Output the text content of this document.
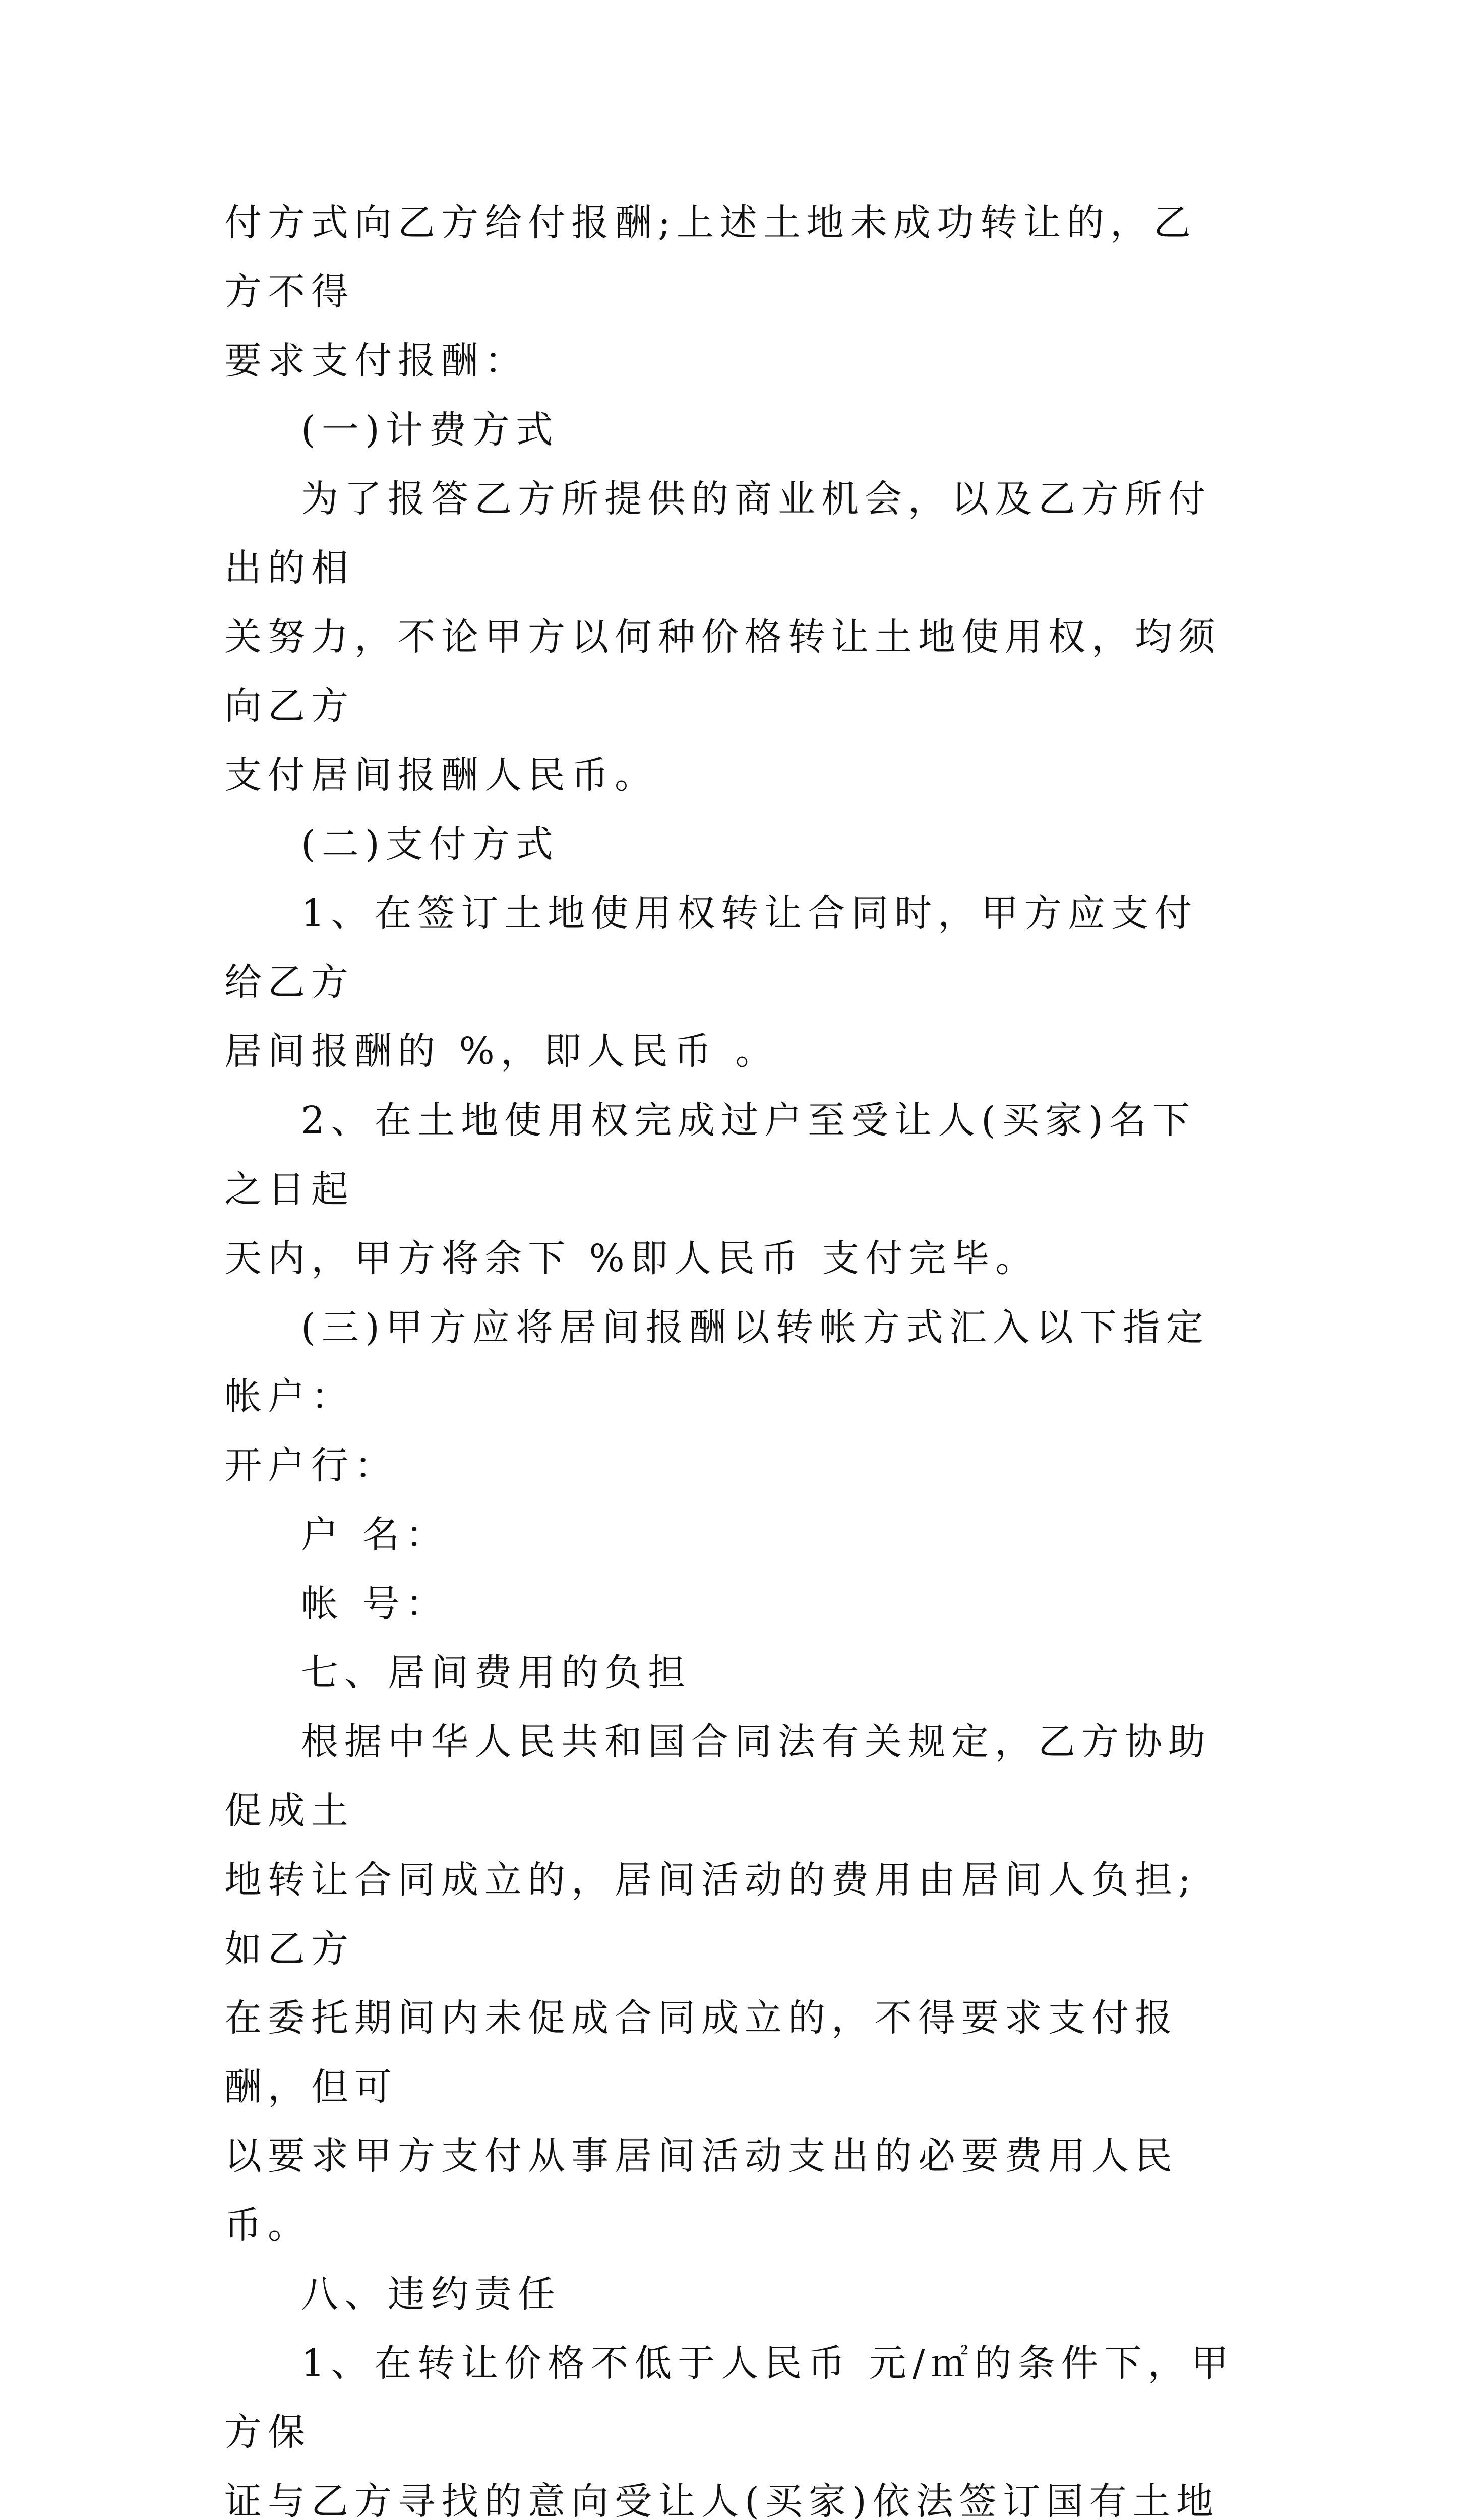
付方式向乙方给付报酬;上述土地未成功转让的，乙方不得

要求支付报酬：

(一)计费方式

为了报答乙方所提供的商业机会，以及乙方所付出的相

关努力，不论甲方以何种价格转让土地使用权，均须向乙方

支付居间报酬人民币。

(二)支付方式

1、在签订土地使用权转让合同时，甲方应支付给乙方

居间报酬的 %，即人民币 。

2、在土地使用权完成过户至受让人(买家)名下之日起

天内，甲方将余下 %即人民币 支付完毕。

(三)甲方应将居间报酬以转帐方式汇入以下指定帐户：

开户行：

户 名：

帐 号：

七、居间费用的负担

根据中华人民共和国合同法有关规定，乙方协助促成土

地转让合同成立的，居间活动的费用由居间人负担;如乙方

在委托期间内未促成合同成立的，不得要求支付报酬，但可

以要求甲方支付从事居间活动支出的必要费用人民币。

八、违约责任

1、在转让价格不低于人民币 元/㎡的条件下，甲方保

证与乙方寻找的意向受让人(买家)依法签订国有土地
